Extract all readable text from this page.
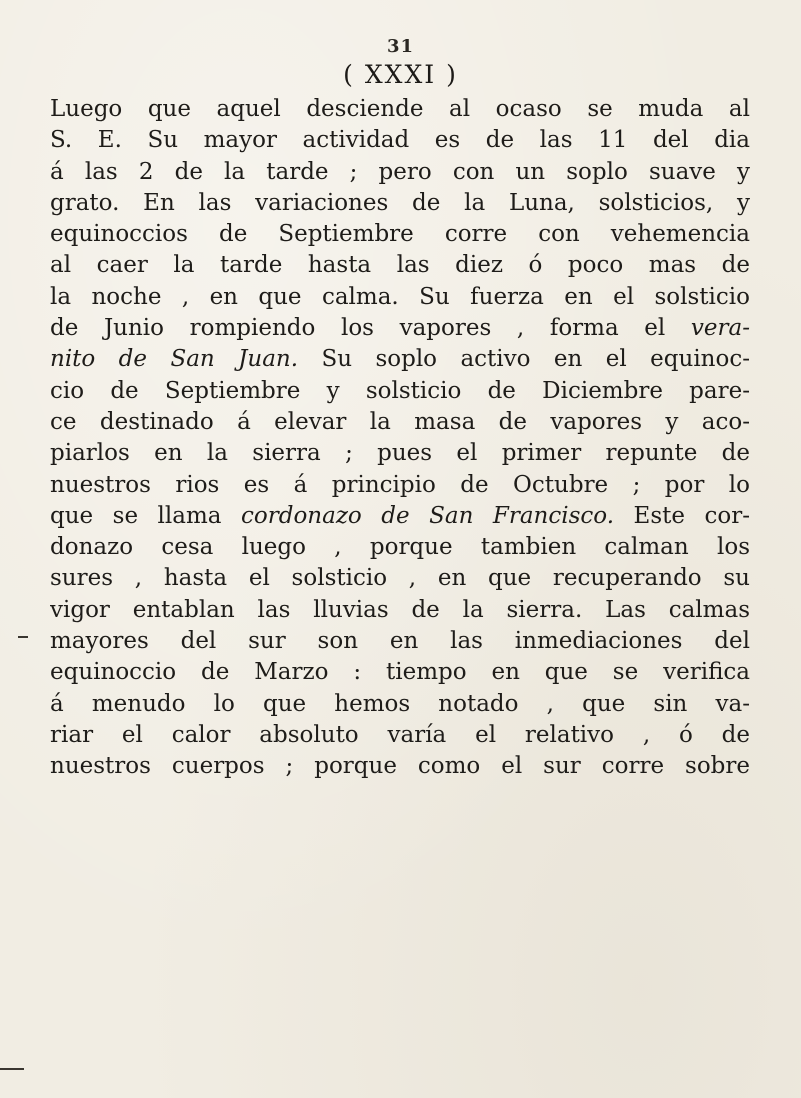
31
( XXXI )
Luego que aquel desciende al ocaso se muda al
S. E. Su mayor actividad es de las 11 del dia
á las 2 de la tarde ; pero con un soplo suave y
grato. En las variaciones de la Luna, solsticios, y
equinoccios de Septiembre corre con vehemencia
al caer la tarde hasta las diez ó poco mas de
la noche , en que calma. Su fuerza en el solsticio
de Junio rompiendo los vapores , forma el vera-
nito de San Juan. Su soplo activo en el equinoc-
cio de Septiembre y solsticio de Diciembre pare-
ce destinado á elevar la masa de vapores y aco-
piarlos en la sierra ; pues el primer repunte de
nuestros rios es á principio de Octubre ; por lo
que se llama cordonazo de San Francisco. Este cor-
donazo cesa luego , porque tambien calman los
sures , hasta el solsticio , en que recuperando su
vigor entablan las lluvias de la sierra. Las calmas
mayores del sur son en las inmediaciones del
equinoccio de Marzo : tiempo en que se verifica
á menudo lo que hemos notado , que sin va-
riar el calor absoluto varía el relativo , ó de
nuestros cuerpos ; porque como el sur corre sobre
